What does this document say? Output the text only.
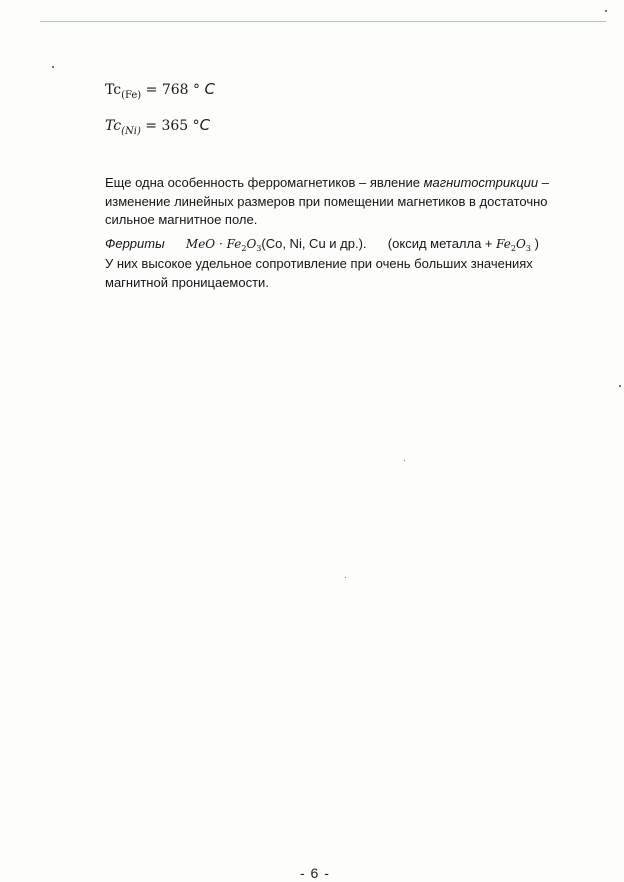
$Tc_{(Fe)} = 768$ ° C
$Tc_{(Ni)} = 365$ °C
Еще одна особенность ферромагнетиков – явление магнитострикции – изменение линейных размеров при помещении магнетиков в достаточно сильное магнитное поле.
Ферриты MeO · $Fe_2O_3(Co$, Ni, Cu и др.). (оксид металла + $Fe_2O_3$ )
У них высокое удельное сопротивление при очень больших значениях магнитной проницаемости.
- 6 -
